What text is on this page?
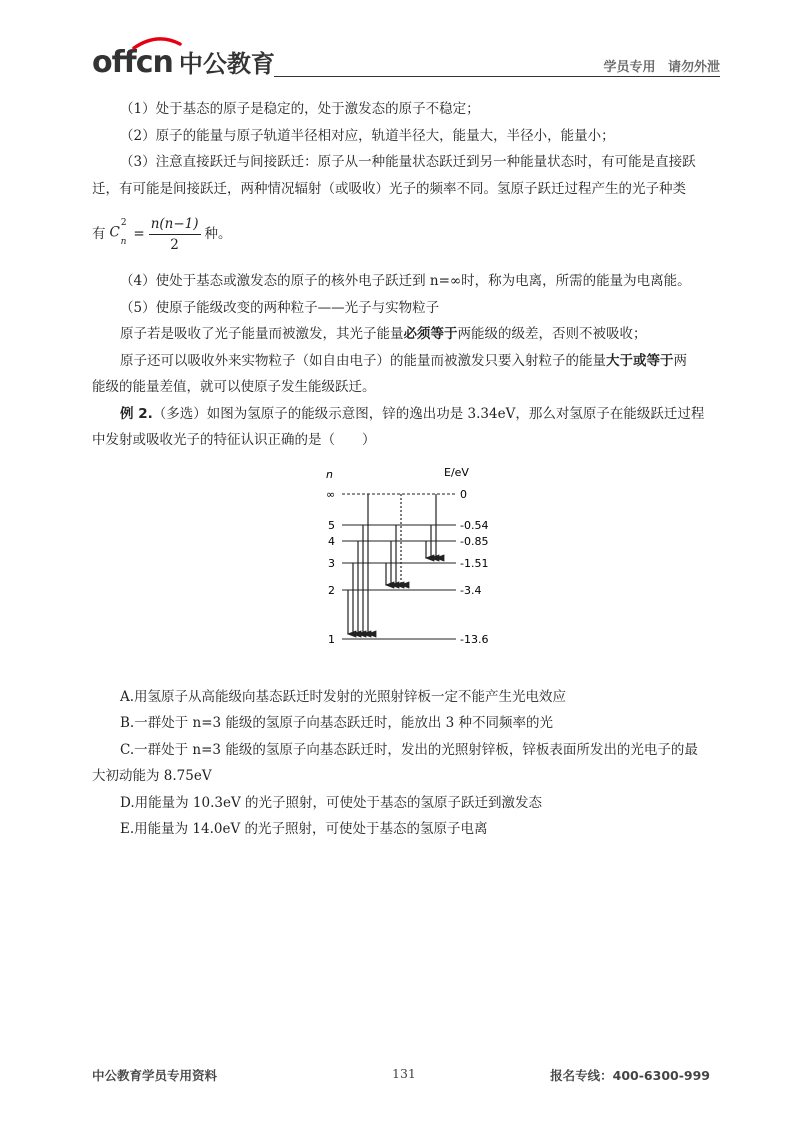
offcn 中公教育	学员专用 请勿外泄

（1）处于基态的原子是稳定的，处于激发态的原子不稳定；

（2）原子的能量与原子轨道半径相对应，轨道半径大，能量大，半径小，能量小；

（3）注意直接跃迁与间接跃迁：原子从一种能量状态跃迁到另一种能量状态时，有可能是直接跃

迁，有可能是间接跃迁，两种情况辐射（或吸收）光子的频率不同。氢原子跃迁过程产生的光子种类

有 $C^2_n$
= $\frac{n(n-1)}{2}$ 种。

（4）使处于基态或激发态的原子的核外电子跃迁到 n=∞时，称为电离，所需的能量为电离能。

（5）使原子能级改变的两种粒子——光子与实物粒子

原子若是吸收了光子能量而被激发，其光子能量必须等于两能级的级差，否则不被吸收；

原子还可以吸收外来实物粒子（如自由电子）的能量而被激发只要入射粒子的能量大于或等于两

能级的能量差值，就可以使原子发生能级跃迁。

例 2.（多选）如图为氢原子的能级示意图，锌的逸出功是 3.34eV，那么对氢原子在能级跃迁过程

中发射或吸收光子的特征认识正确的是（　　）

A.用氢原子从高能级向基态跃迁时发射的光照射锌板一定不能产生光电效应

B.一群处于 n=3 能级的氢原子向基态跃迁时，能放出 3 种不同频率的光

C.一群处于 n=3 能级的氢原子向基态跃迁时，发出的光照射锌板，锌板表面所发出的光电子的最

大初动能为 8.75eV

D.用能量为 10.3eV 的光子照射，可使处于基态的氢原子跃迁到激发态

E.用能量为 14.0eV 的光子照射，可使处于基态的氢原子电离

n	E/eV
∞
5
4
3
2
1
0
-0.54
-0.85
-1.51
-3.4
-13.6
中公教育学员专用资料	131	报名专线：400-6300-999
